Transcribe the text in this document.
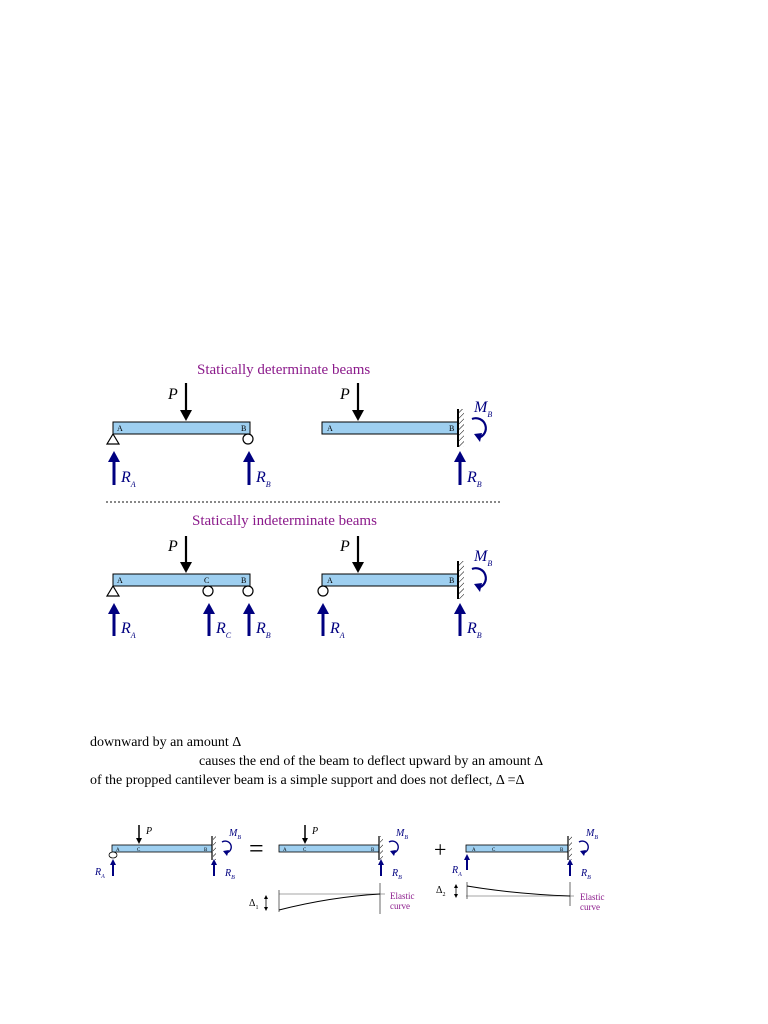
Statically determinate beams
Statically indeterminate beams
P
A	B
$R_A$	$R_B$
P
A	B
$M_B$
$R_B$
P
A	C	B
$R_A$	$R_C$ $R_B$
P
A	B
$M_B$
$R_A$	$R_B$
P
A	C	B
$M_B$
$R_A$	$R_B$
=
P
A	C	B
$M_B$
$R_B$
$\Delta_1$
Elastic
curve
+	A	C	B
$M_B$
$R_A$	$R_B$
$\Delta_2$	Elastic
curve
downward by an amount Δ
causes the end of the beam to deflect upward by an amount Δ
of the propped cantilever beam is a simple support and does not deflect, Δ =Δ
